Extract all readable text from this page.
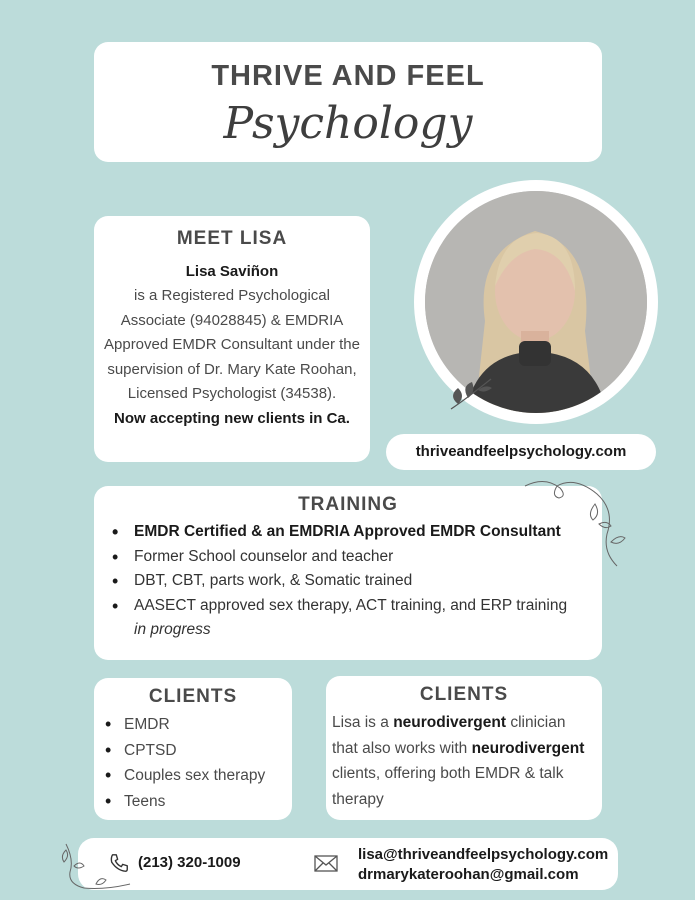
THRIVE AND FEEL
Psychology
MEET LISA
Lisa Saviñon
is a Registered Psychological Associate (94028845) & EMDRIA Approved EMDR Consultant under the supervision of Dr. Mary Kate Roohan, Licensed Psychologist (34538).
Now accepting new clients in Ca.
thriveandfeelpsychology.com
TRAINING
• EMDR Certified & an EMDRIA Approved EMDR Consultant
• Former School counselor and teacher
• DBT, CBT, parts work, & Somatic trained
• AASECT approved sex therapy, ACT training, and ERP training in progress
CLIENTS
• EMDR
• CPTSD
• Couples sex therapy
• Teens
CLIENTS

Lisa is a neurodivergent clinician that also works with neurodivergent clients, offering both EMDR & talk therapy

(213) 320-1009	lisa@thriveandfeelpsychology.com
drmarykateroohan@gmail.com
